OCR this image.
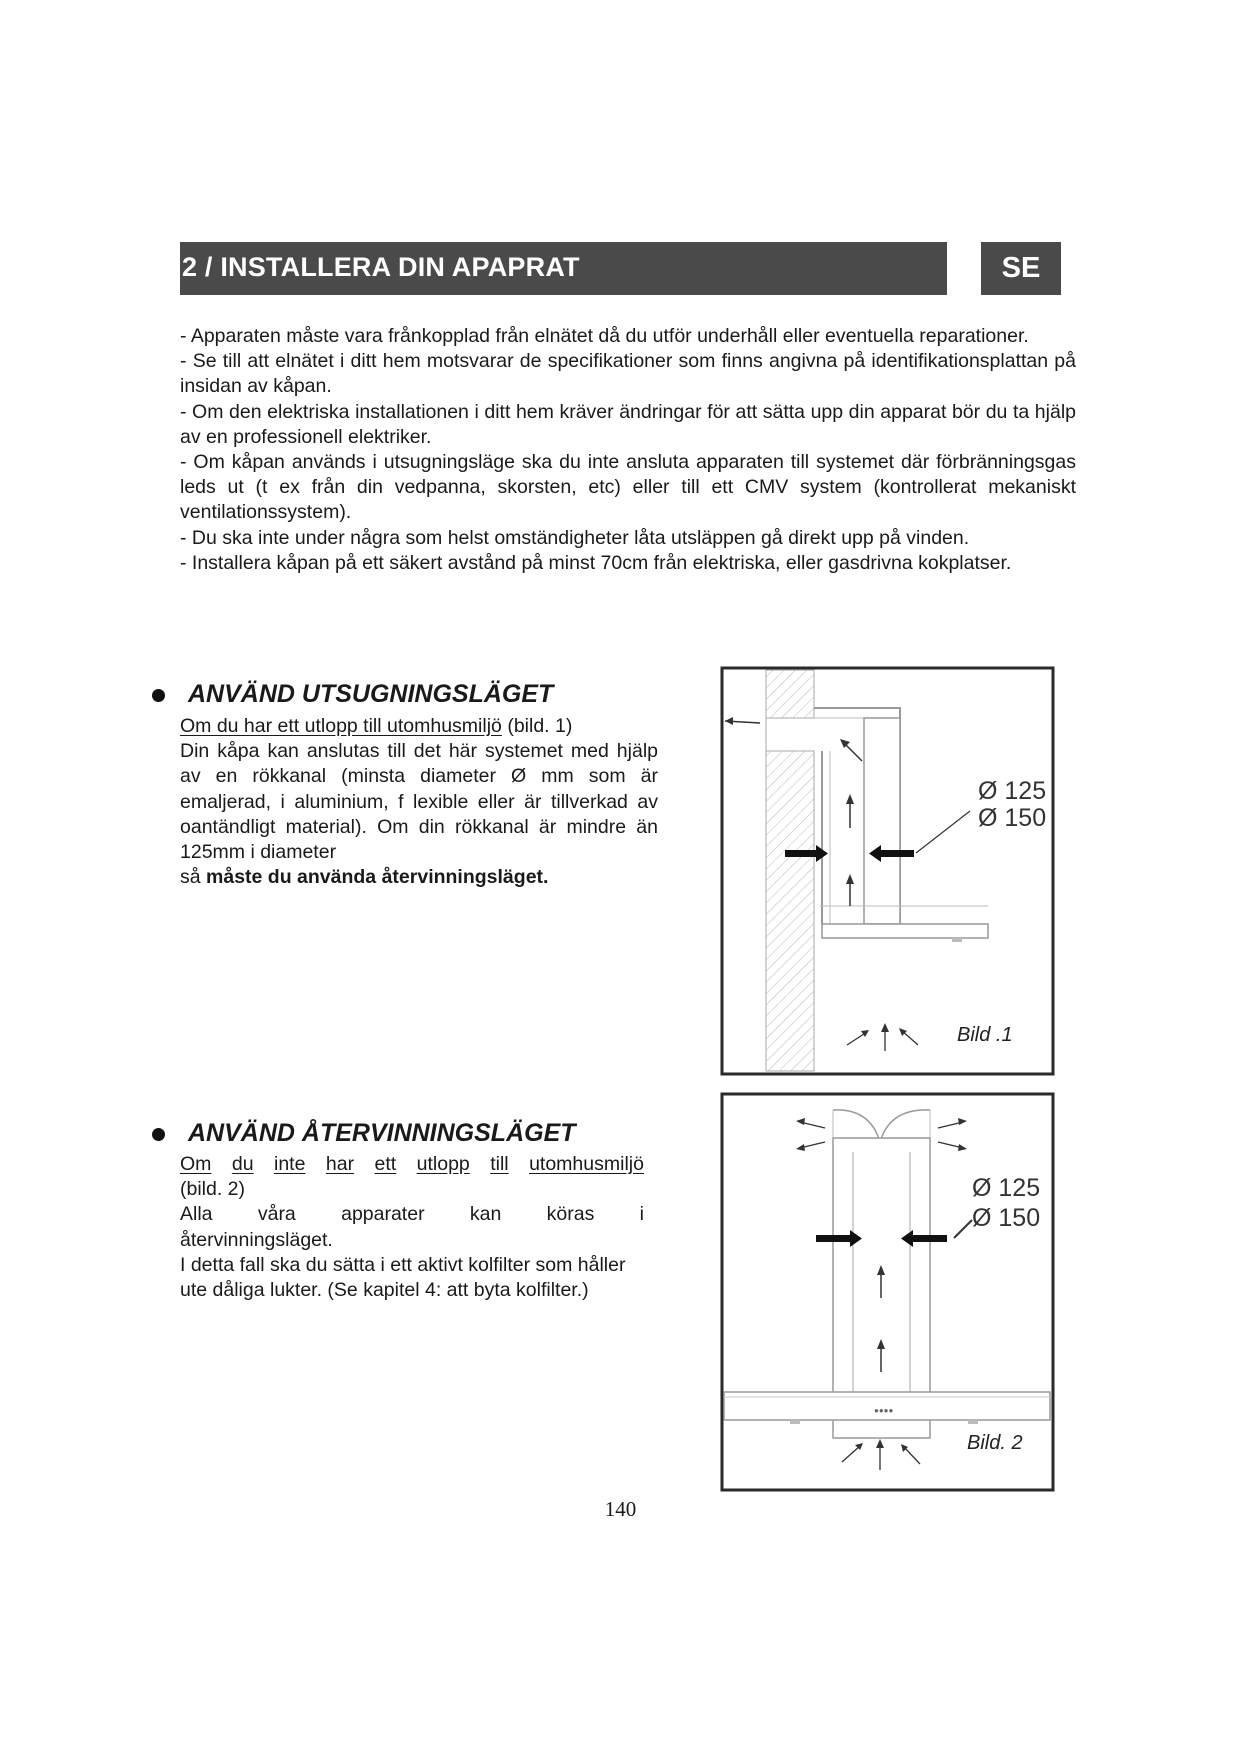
2 / INSTALLERA DIN APAPRAT	SE

- Apparaten måste vara frånkopplad från elnätet då du utför underhåll eller eventuella reparationer.

- Se till att elnätet i ditt hem motsvarar de specifikationer som finns angivna på identifikationsplattan på insidan av kåpan.

- Om den elektriska installationen i ditt hem kräver ändringar för att sätta upp din apparat bör du ta hjälp av en professionell elektriker.

- Om kåpan används i utsugningsläge ska du inte ansluta apparaten till systemet där förbränningsgas leds ut (t ex från din vedpanna, skorsten, etc) eller till ett CMV system (kontrollerat mekaniskt ventilationssystem).

- Du ska inte under några som helst omständigheter låta utsläppen gå direkt upp på vinden.

- Installera kåpan på ett säkert avstånd på minst 70cm från elektriska, eller gasdrivna kokplatser.

ANVÄND UTSUGNINGSLÄGET

Om du har ett utlopp till utomhusmiljö (bild. 1)

Din kåpa kan anslutas till det här systemet med hjälp av en rökkanal (minsta diameter Ø mm som är emaljerad, i aluminium, f lexible eller är tillverkad av oantändligt material). Om din rökkanal är mindre än 125mm i diameter

så måste du använda återvinningsläget.

Ø 125
Ø 150
Bild .1
ANVÄND ÅTERVINNINGSLÄGET

Om du inte har ett utlopp till utomhusmiljö

(bild. 2)

Alla våra apparater kan köras i

återvinningsläget.

I detta fall ska du sätta i ett aktivt kolfilter som håller ute dåliga lukter. (Se kapitel 4: att byta kolfilter.)

●●●●
Ø 125
Ø 150
Bild. 2
140
